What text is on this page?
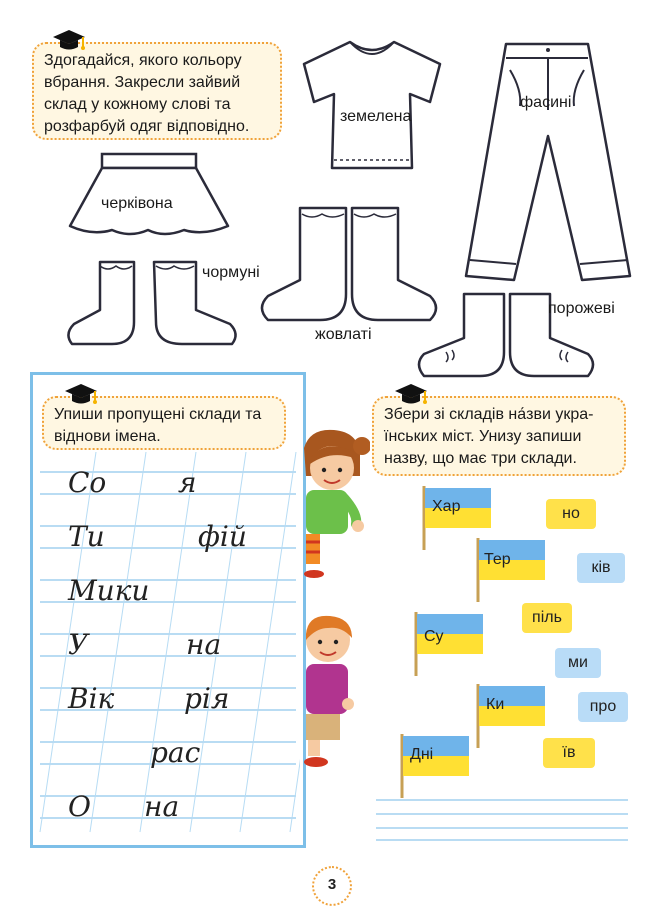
Здогадайся, якого кольору вбрання. Закресли зайвий склад у кожному слові та розфарбуй одяг відповідно.
земелена
фасині
черківона
чормуні
жовлаті
порожеві
Упиши пропущені склади та віднови імена.
Со	я
Ти	фій
Мики
У	на
Вік рія
рас
О на
Збери зі складів на́зви укра-їнських міст. Унизу запиши назву, що має три склади.
Хар
Тер
Су
Ки
Дні
но
ків
піль
ми
про
їв
3
